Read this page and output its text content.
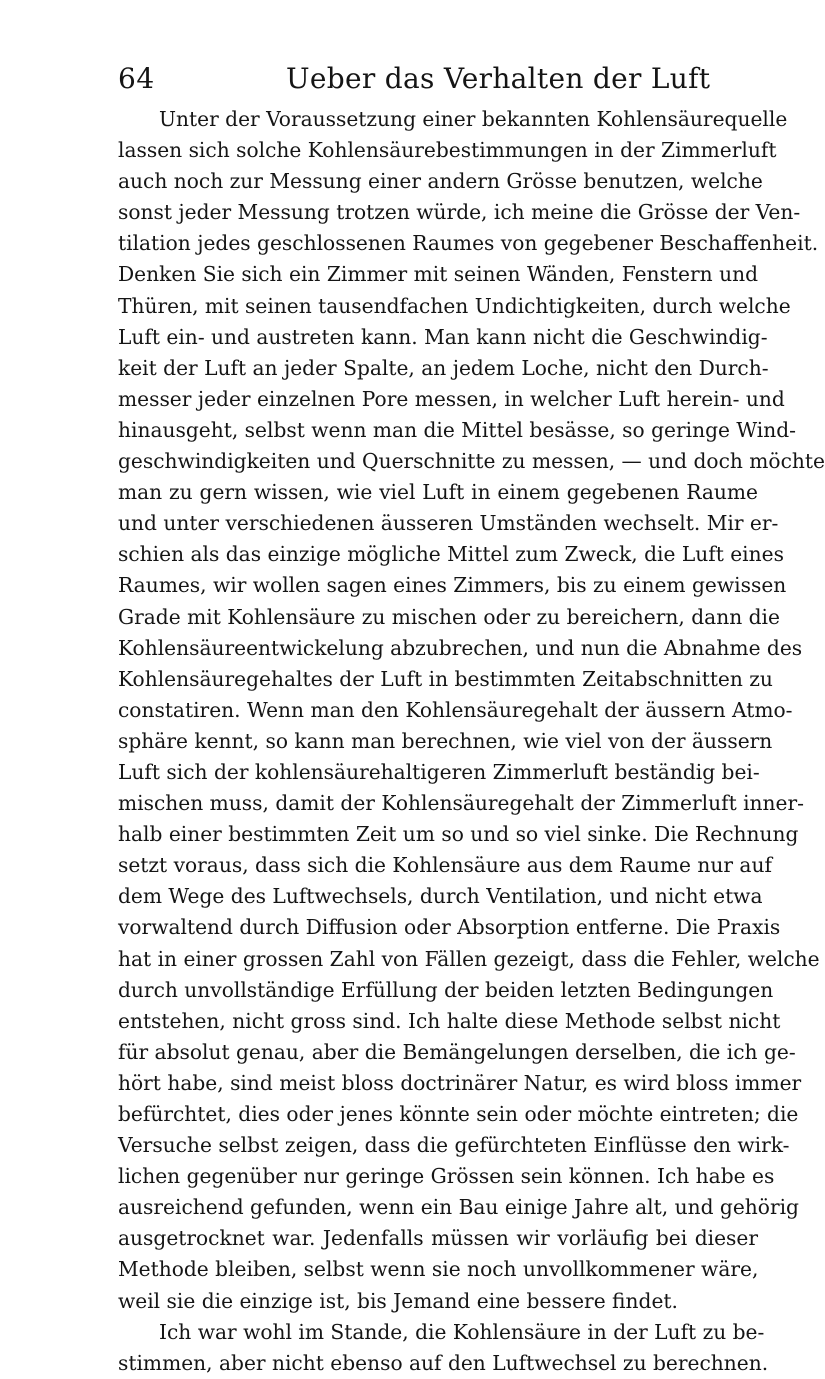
64	Ueber das Verhalten der Luft
Unter der Voraussetzung einer bekannten Kohlensäurequelle
lassen sich solche Kohlensäurebestimmungen in der Zimmerluft
auch noch zur Messung einer andern Grösse benutzen, welche
sonst jeder Messung trotzen würde, ich meine die Grösse der Ven-
tilation jedes geschlossenen Raumes von gegebener Beschaffenheit.
Denken Sie sich ein Zimmer mit seinen Wänden, Fenstern und
Thüren, mit seinen tausendfachen Undichtigkeiten, durch welche
Luft ein- und austreten kann. Man kann nicht die Geschwindig-
keit der Luft an jeder Spalte, an jedem Loche, nicht den Durch-
messer jeder einzelnen Pore messen, in welcher Luft herein- und
hinausgeht, selbst wenn man die Mittel besässe, so geringe Wind-
geschwindigkeiten und Querschnitte zu messen, — und doch möchte
man zu gern wissen, wie viel Luft in einem gegebenen Raume
und unter verschiedenen äusseren Umständen wechselt. Mir er-
schien als das einzige mögliche Mittel zum Zweck, die Luft eines
Raumes, wir wollen sagen eines Zimmers, bis zu einem gewissen
Grade mit Kohlensäure zu mischen oder zu bereichern, dann die
Kohlensäureentwickelung abzubrechen, und nun die Abnahme des
Kohlensäuregehaltes der Luft in bestimmten Zeitabschnitten zu
constatiren. Wenn man den Kohlensäuregehalt der äussern Atmo-
sphäre kennt, so kann man berechnen, wie viel von der äussern
Luft sich der kohlensäurehaltigeren Zimmerluft beständig bei-
mischen muss, damit der Kohlensäuregehalt der Zimmerluft inner-
halb einer bestimmten Zeit um so und so viel sinke. Die Rechnung
setzt voraus, dass sich die Kohlensäure aus dem Raume nur auf
dem Wege des Luftwechsels, durch Ventilation, und nicht etwa
vorwaltend durch Diffusion oder Absorption entferne. Die Praxis
hat in einer grossen Zahl von Fällen gezeigt, dass die Fehler, welche
durch unvollständige Erfüllung der beiden letzten Bedingungen
entstehen, nicht gross sind. Ich halte diese Methode selbst nicht
für absolut genau, aber die Bemängelungen derselben, die ich ge-
hört habe, sind meist bloss doctrinärer Natur, es wird bloss immer
befürchtet, dies oder jenes könnte sein oder möchte eintreten; die
Versuche selbst zeigen, dass die gefürchteten Einflüsse den wirk-
lichen gegenüber nur geringe Grössen sein können. Ich habe es
ausreichend gefunden, wenn ein Bau einige Jahre alt, und gehörig
ausgetrocknet war. Jedenfalls müssen wir vorläufig bei dieser
Methode bleiben, selbst wenn sie noch unvollkommener wäre,
weil sie die einzige ist, bis Jemand eine bessere findet.
Ich war wohl im Stande, die Kohlensäure in der Luft zu be-
stimmen, aber nicht ebenso auf den Luftwechsel zu berechnen.
